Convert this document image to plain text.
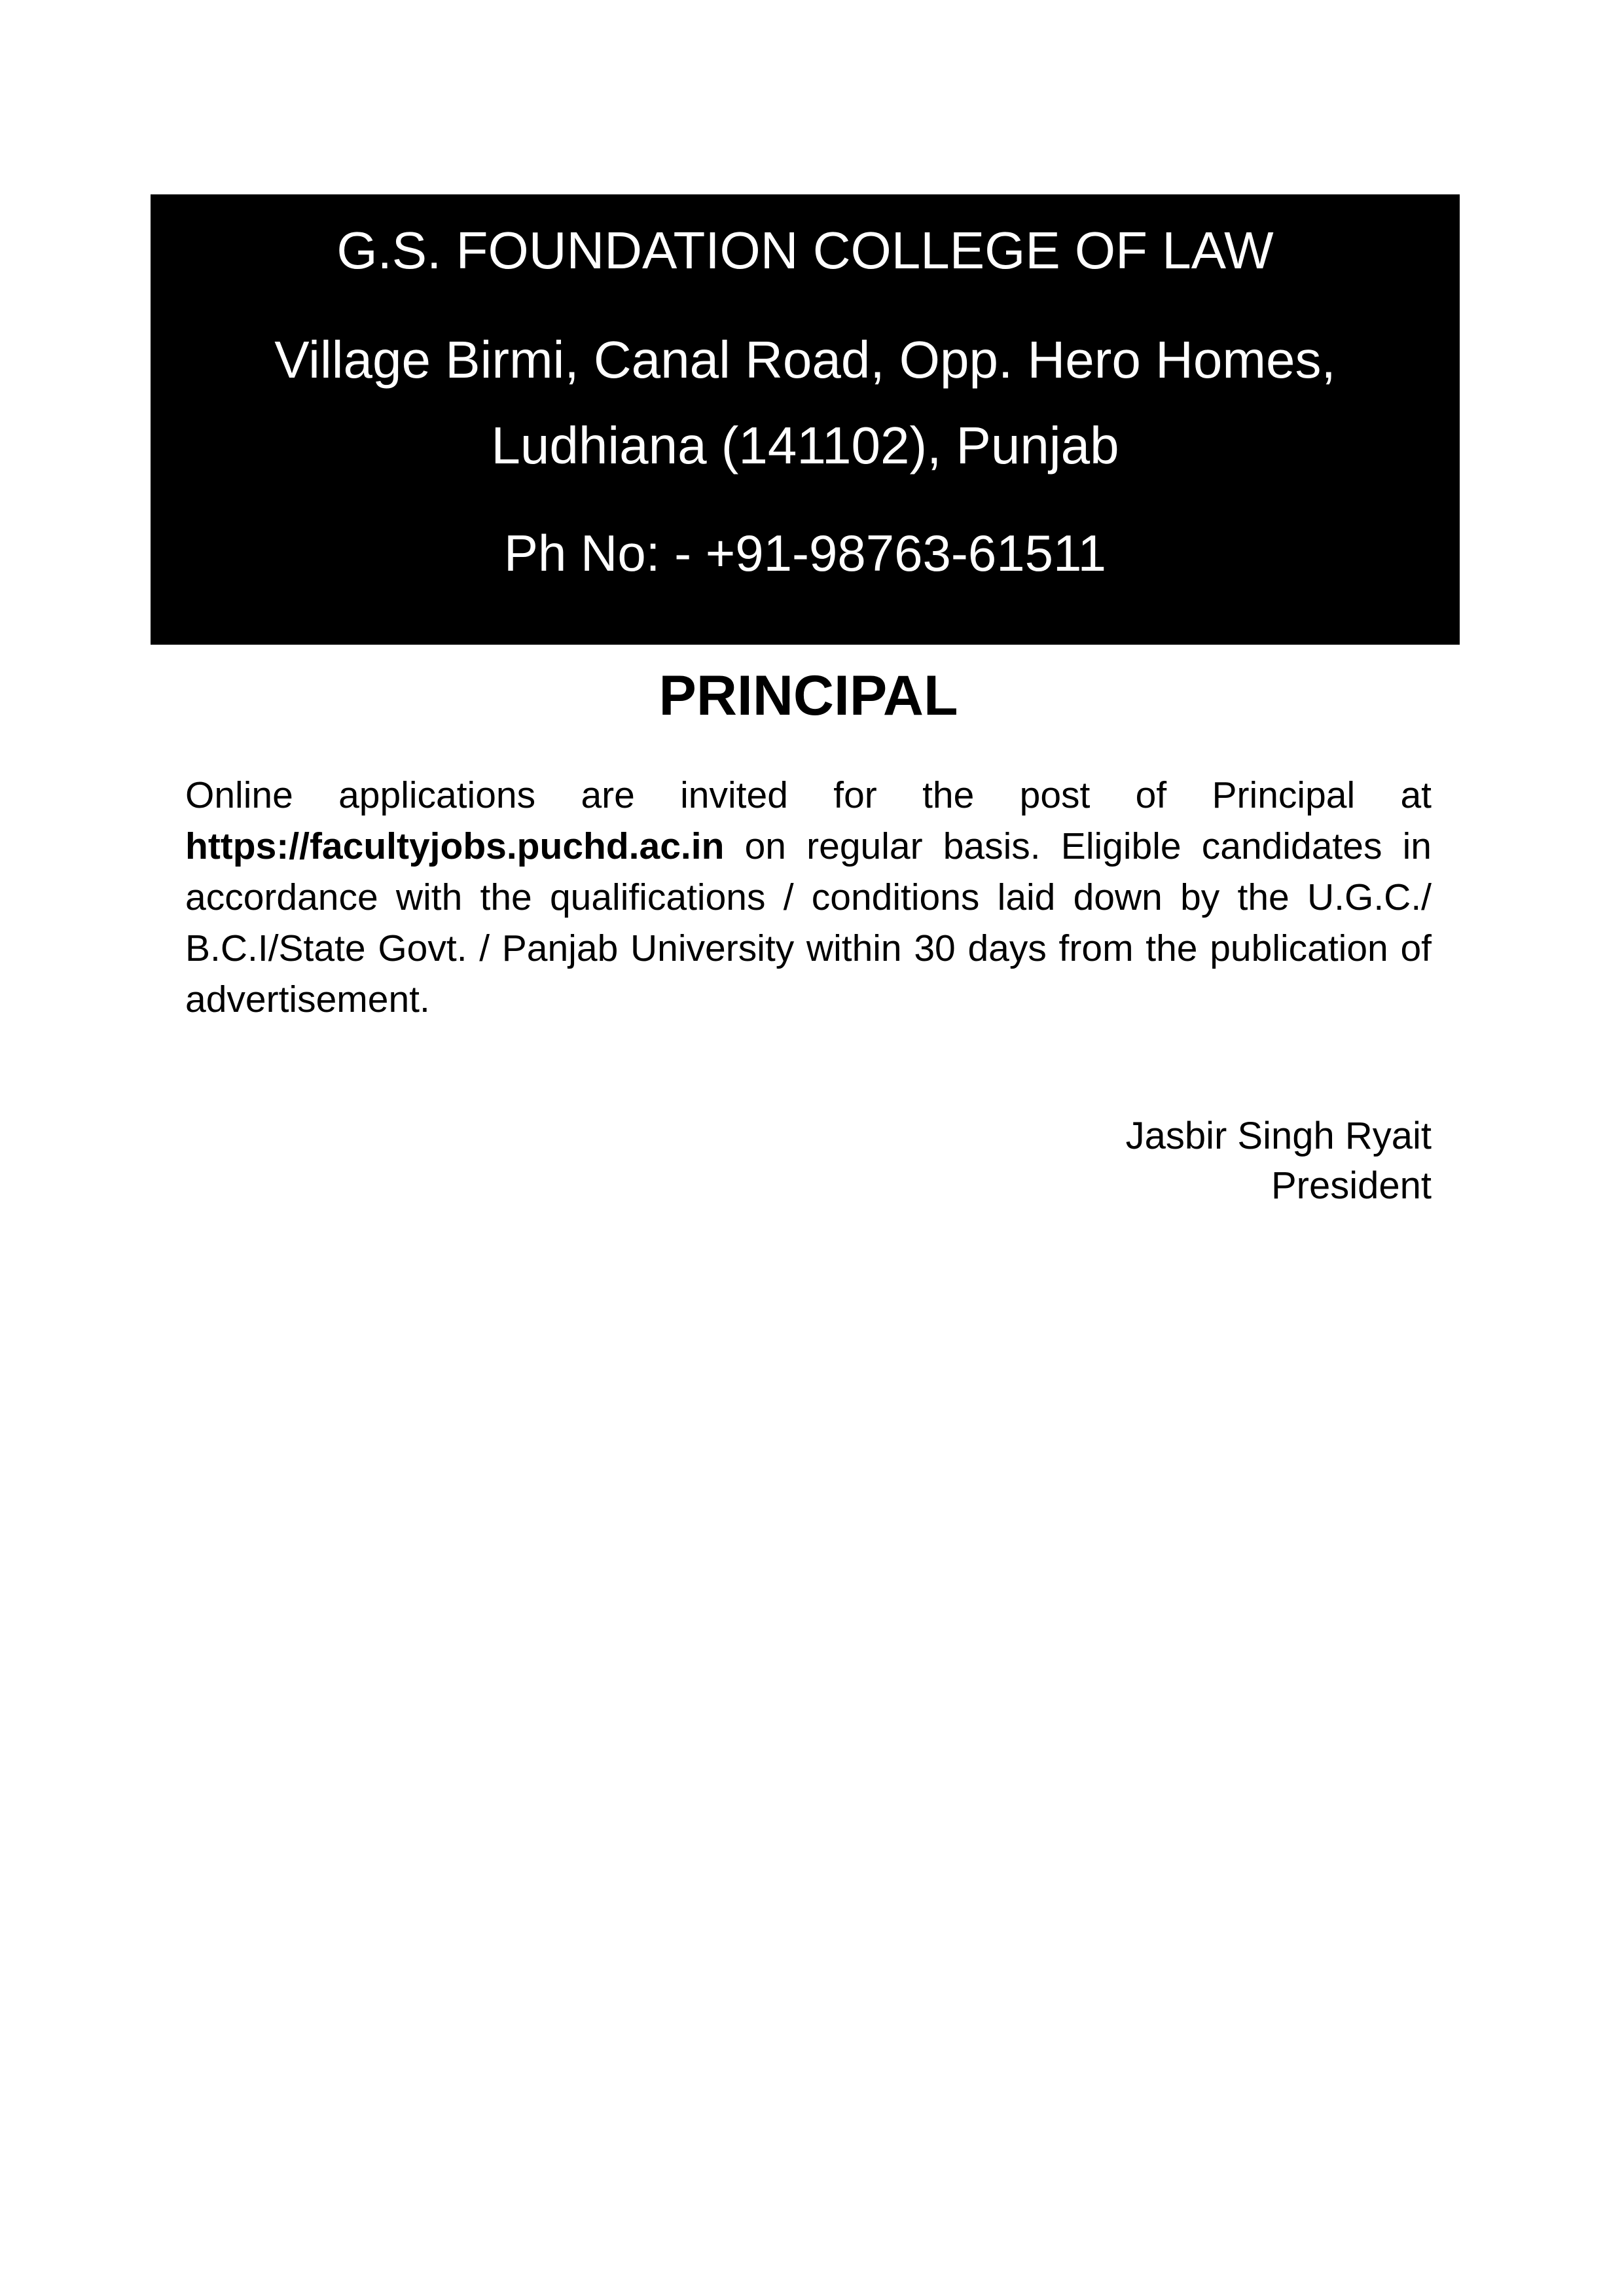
G.S. FOUNDATION COLLEGE OF LAW
Village Birmi, Canal Road, Opp. Hero Homes,
Ludhiana (141102), Punjab
Ph No: - +91-98763-61511
PRINCIPAL
Online applications are invited for the post of Principal at
https://facultyjobs.puchd.ac.in on regular basis. Eligible candidates in
accordance with the qualifications / conditions laid down by the U.G.C./
B.C.I/State Govt. / Panjab University within 30 days from the publication of
advertisement.
Jasbir Singh Ryait
President
